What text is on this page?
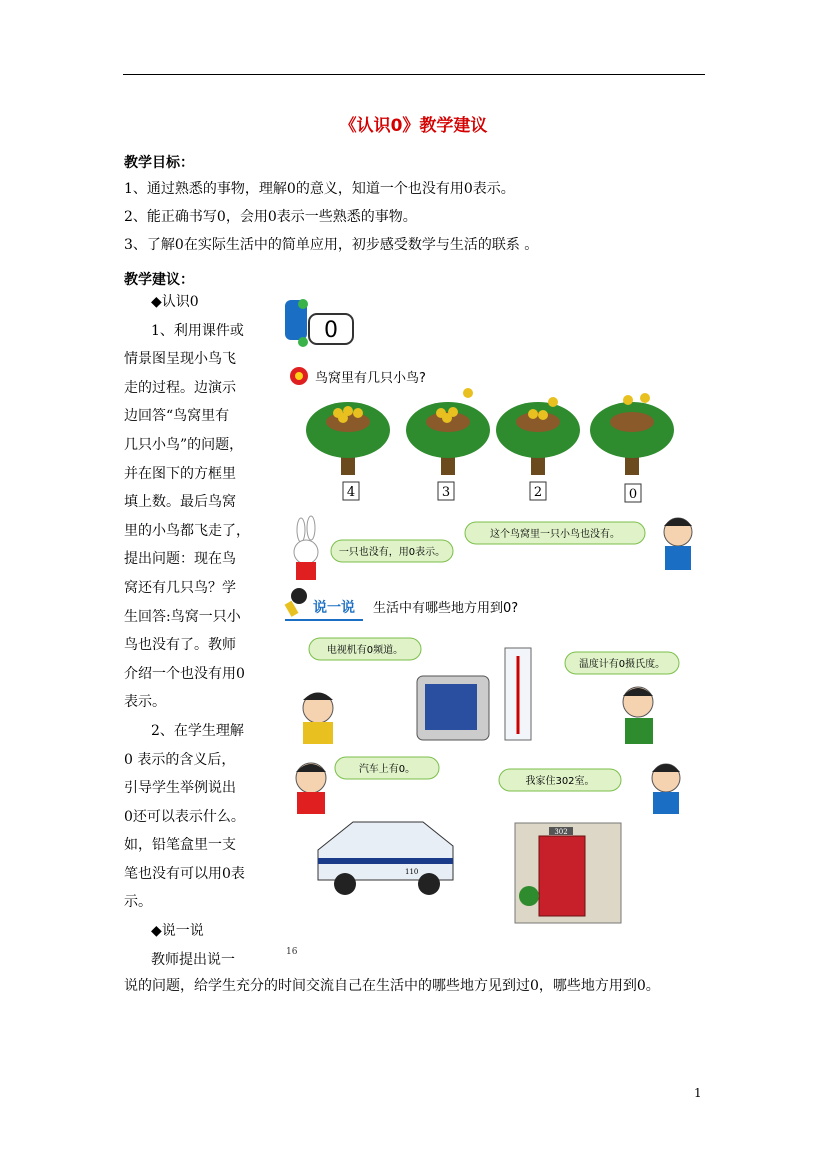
《认识0》教学建议
教学目标：
1、通过熟悉的事物，理解0的意义，知道一个也没有用0表示。
2、能正确书写0，会用0表示一些熟悉的事物。
3、了解0在实际生活中的简单应用，初步感受数学与生活的联系 。
教学建议：
◆认识0
1、利用课件或
情景图呈现小鸟飞
走的过程。边演示
边回答“鸟窝里有
几只小鸟”的问题，
并在图下的方框里
填上数。最后鸟窝
里的小鸟都飞走了，
提出问题：现在鸟
窝还有几只鸟？学
生回答:鸟窝一只小
鸟也没有了。教师
介绍一个也没有用0
表示。
2、在学生理解
0 表示的含义后，
引导学生举例说出
0还可以表示什么。
如，铅笔盒里一支
笔也没有可以用0表
示。
◆说一说
教师提出说一
说的问题，给学生充分的时间交流自己在生活中的哪些地方见到过0，哪些地方用到0。
0
鸟窝里有几只小鸟?
4	3	2	0
一只也没有，用0表示。
这个鸟窝里一只小鸟也没有。
说一说 生活中有哪些地方用到0?
电视机有0频道。
温度计有0摄氏度。
汽车上有0。
我家住302室。
110
302
16
1
